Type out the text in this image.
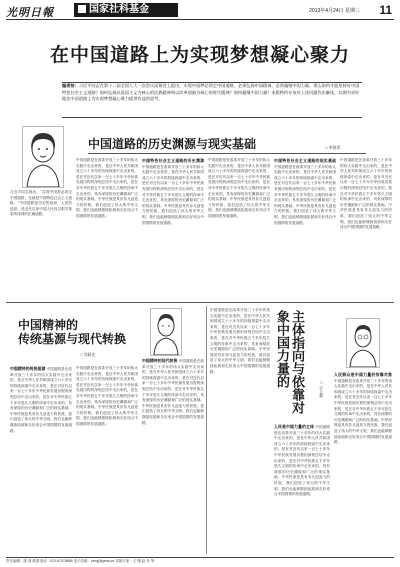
光明日報	国家社科基金	2013年4月24日 星期三 11
在中国道路上为实现梦想凝心聚力
编者按：习近平同志在第十二届全国人大一次会议闭幕会上提出，实现中国梦必须走中国道路，必须弘扬中国精神，必须凝聚中国力量。那么如何才能坚持好中国特色社会主义道路？如何弘扬以爱国主义为核心的民族精神和以改革创新为核心的时代精神？如何凝聚中国力量？本版特约专家对上述问题作出解读，以期为更好地在中国道路上为实现梦想凝心聚力提供有益的思考。
中国道路的历史渊源与现实基础	□ 李海青
习近平同志指出，“实现中国梦必须走中国道路，这就是中国特色社会主义道路。”中国道路是历史的选择、人民的选择，是近代以来中国人民经过艰辛探索所找到的正确道路。
中国道路是在改革开放三十多年的伟大实践中走出来的，是在中华人民共和国成立六十多年的持续探索中走出来的，是在对近代以来一百七十多年中华民族发展历程的深刻总结中走出来的，是在对中华民族五千多年悠久文明的传承中走出来的，具有深厚的历史渊源和广泛的现实基础。中华民族是具有非凡创造力的民族，我们创造了伟大的中华文明，我们也能够继续拓展和走好适合中国国情的发展道路。
中国特色社会主义道路的历史渊源 中国道路是在改革开放三十多年的伟大实践中走出来的，是在中华人民共和国成立六十多年的持续探索中走出来的，是在对近代以来一百七十多年中华民族发展历程的深刻总结中走出来的，是在对中华民族五千多年悠久文明的传承中走出来的，具有深厚的历史渊源和广泛的现实基础。中华民族是具有非凡创造力的民族，我们创造了伟大的中华文明，我们也能够继续拓展和走好适合中国国情的发展道路。
中国道路是在改革开放三十多年的伟大实践中走出来的，是在中华人民共和国成立六十多年的持续探索中走出来的，是在对近代以来一百七十多年中华民族发展历程的深刻总结中走出来的，是在对中华民族五千多年悠久文明的传承中走出来的，具有深厚的历史渊源和广泛的现实基础。中华民族是具有非凡创造力的民族，我们创造了伟大的中华文明，我们也能够继续拓展和走好适合中国国情的发展道路。
中国特色社会主义道路的现实基础 中国道路是在改革开放三十多年的伟大实践中走出来的，是在中华人民共和国成立六十多年的持续探索中走出来的，是在对近代以来一百七十多年中华民族发展历程的深刻总结中走出来的，是在对中华民族五千多年悠久文明的传承中走出来的，具有深厚的历史渊源和广泛的现实基础。中华民族是具有非凡创造力的民族，我们创造了伟大的中华文明，我们也能够继续拓展和走好适合中国国情的发展道路。
中国道路是在改革开放三十多年的伟大实践中走出来的，是在中华人民共和国成立六十多年的持续探索中走出来的，是在对近代以来一百七十多年中华民族发展历程的深刻总结中走出来的，是在对中华民族五千多年悠久文明的传承中走出来的，具有深厚的历史渊源和广泛的现实基础。中华民族是具有非凡创造力的民族，我们创造了伟大的中华文明，我们也能够继续拓展和走好适合中国国情的发展道路。
中国精神的
传统基源与现代转换
□ 刘晨光
中国精神的传统基源 中国道路是在改革开放三十多年的伟大实践中走出来的，是在中华人民共和国成立六十多年的持续探索中走出来的，是在对近代以来一百七十多年中华民族发展历程的深刻总结中走出来的，是在对中华民族五千多年悠久文明的传承中走出来的，具有深厚的历史渊源和广泛的现实基础。中华民族是具有非凡创造力的民族，我们创造了伟大的中华文明，我们也能够继续拓展和走好适合中国国情的发展道路。
中国道路是在改革开放三十多年的伟大实践中走出来的，是在中华人民共和国成立六十多年的持续探索中走出来的，是在对近代以来一百七十多年中华民族发展历程的深刻总结中走出来的，是在对中华民族五千多年悠久文明的传承中走出来的，具有深厚的历史渊源和广泛的现实基础。中华民族是具有非凡创造力的民族，我们创造了伟大的中华文明，我们也能够继续拓展和走好适合中国国情的发展道路。
中国精神的现代转换 中国道路是在改革开放三十多年的伟大实践中走出来的，是在中华人民共和国成立六十多年的持续探索中走出来的，是在对近代以来一百七十多年中华民族发展历程的深刻总结中走出来的，是在对中华民族五千多年悠久文明的传承中走出来的，具有深厚的历史渊源和广泛的现实基础。中华民族是具有非凡创造力的民族，我们创造了伟大的中华文明，我们也能够继续拓展和走好适合中国国情的发展道路。
中国道路是在改革开放三十多年的伟大实践中走出来的，是在中华人民共和国成立六十多年的持续探索中走出来的，是在对近代以来一百七十多年中华民族发展历程的深刻总结中走出来的，是在对中华民族五千多年悠久文明的传承中走出来的，具有深厚的历史渊源和广泛的现实基础。中华民族是具有非凡创造力的民族，我们创造了伟大的中华文明，我们也能够继续拓展和走好适合中国国情的发展道路。	主体指向与依靠对象中国力量的
□ 宇文利
人民是中国力量的主体 中国道路是在改革开放三十多年的伟大实践中走出来的，是在中华人民共和国成立六十多年的持续探索中走出来的，是在对近代以来一百七十多年中华民族发展历程的深刻总结中走出来的，是在对中华民族五千多年悠久文明的传承中走出来的，具有深厚的历史渊源和广泛的现实基础。中华民族是具有非凡创造力的民族，我们创造了伟大的中华文明，我们也能够继续拓展和走好适合中国国情的发展道路。
人民群众是中国力量的依靠对象 中国道路是在改革开放三十多年的伟大实践中走出来的，是在中华人民共和国成立六十多年的持续探索中走出来的，是在对近代以来一百七十多年中华民族发展历程的深刻总结中走出来的，是在对中华民族五千多年悠久文明的传承中走出来的，具有深厚的历史渊源和广泛的现实基础。中华民族是具有非凡创造力的民族，我们创造了伟大的中华文明，我们也能够继续拓展和走好适合中国国情的发展道路。
责任编辑：陈 莉 联系电话：010-67078666 电子信箱：kxmjj@gmw.cn 本版专家：王 刚 赵 东 等
